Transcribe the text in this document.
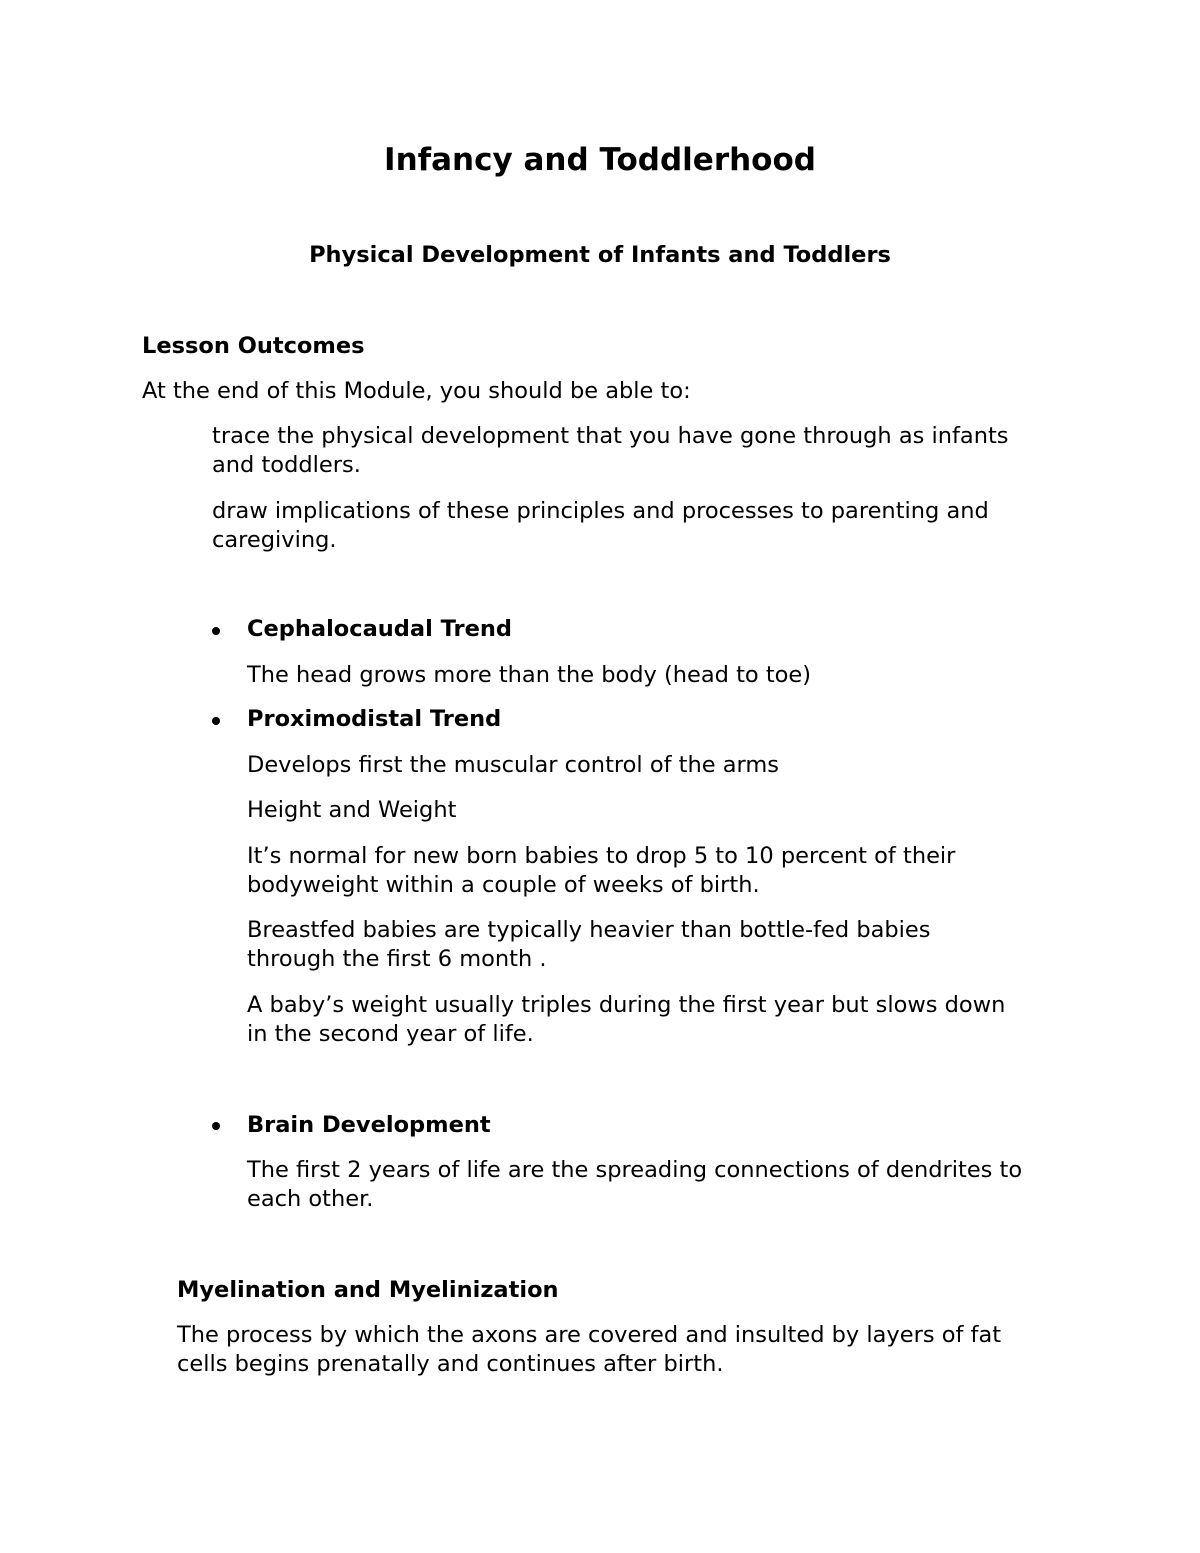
Infancy and Toddlerhood
Physical Development of Infants and Toddlers
Lesson Outcomes
At the end of this Module, you should be able to:
trace the physical development that you have gone through as infants
and toddlers.
draw implications of these principles and processes to parenting and
caregiving.
Cephalocaudal Trend
The head grows more than the body (head to toe)
Proximodistal Trend
Develops first the muscular control of the arms
Height and Weight
It’s normal for new born babies to drop 5 to 10 percent of their
bodyweight within a couple of weeks of birth.
Breastfed babies are typically heavier than bottle-fed babies
through the first 6 month .
A baby’s weight usually triples during the first year but slows down
in the second year of life.
Brain Development
The first 2 years of life are the spreading connections of dendrites to
each other.
Myelination and Myelinization
The process by which the axons are covered and insulted by layers of fat
cells begins prenatally and continues after birth.
